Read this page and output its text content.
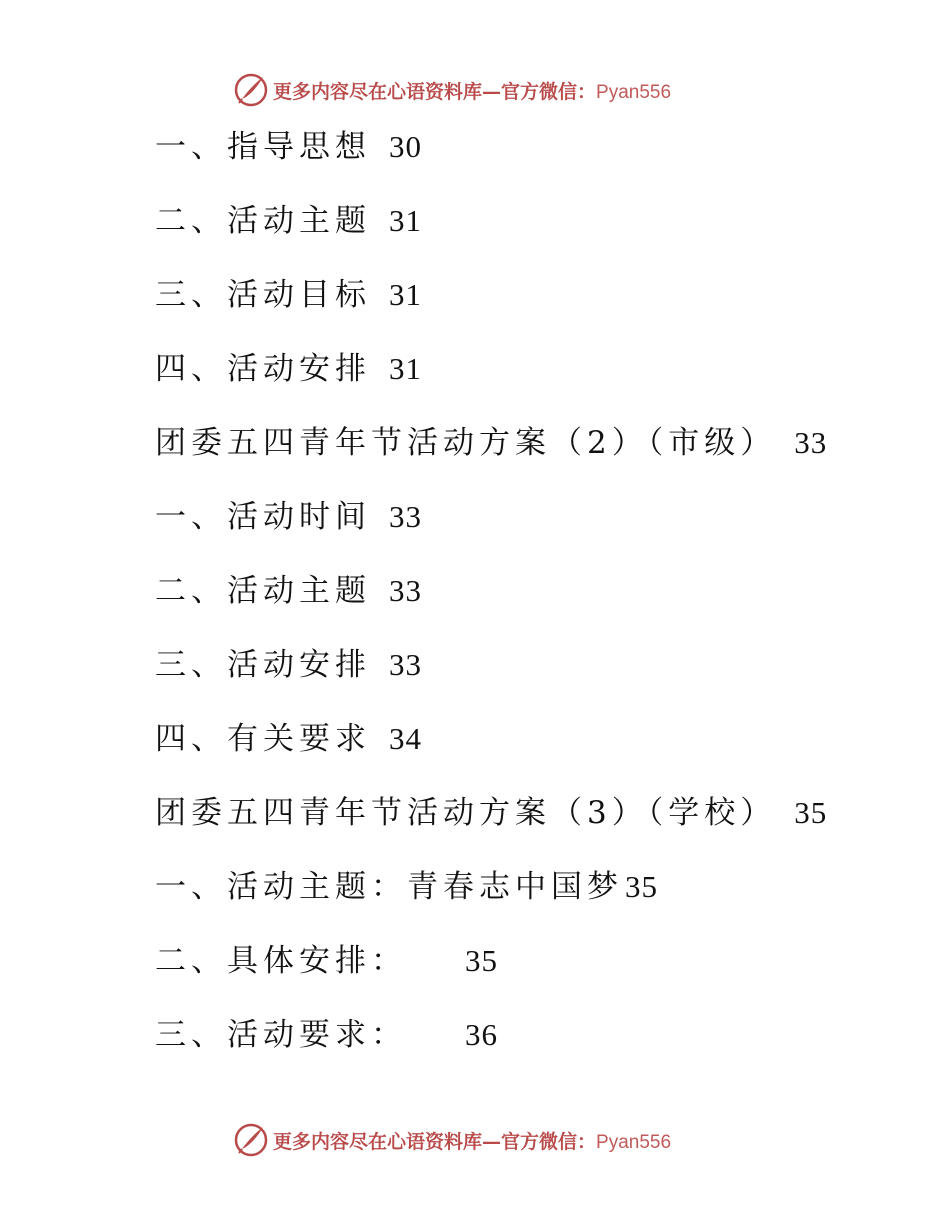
更多内容尽在心语资料库—官方微信：Pyan556
一、指导思想 30
二、活动主题 31
三、活动目标 31
四、活动安排 31
团委五四青年节活动方案（2）（市级） 33
一、活动时间 33
二、活动主题 33
三、活动安排 33
四、有关要求 34
团委五四青年节活动方案（3）（学校） 35
一、活动主题：青春志中国梦35
二、具体安排： 35
三、活动要求： 36
更多内容尽在心语资料库—官方微信：Pyan556
